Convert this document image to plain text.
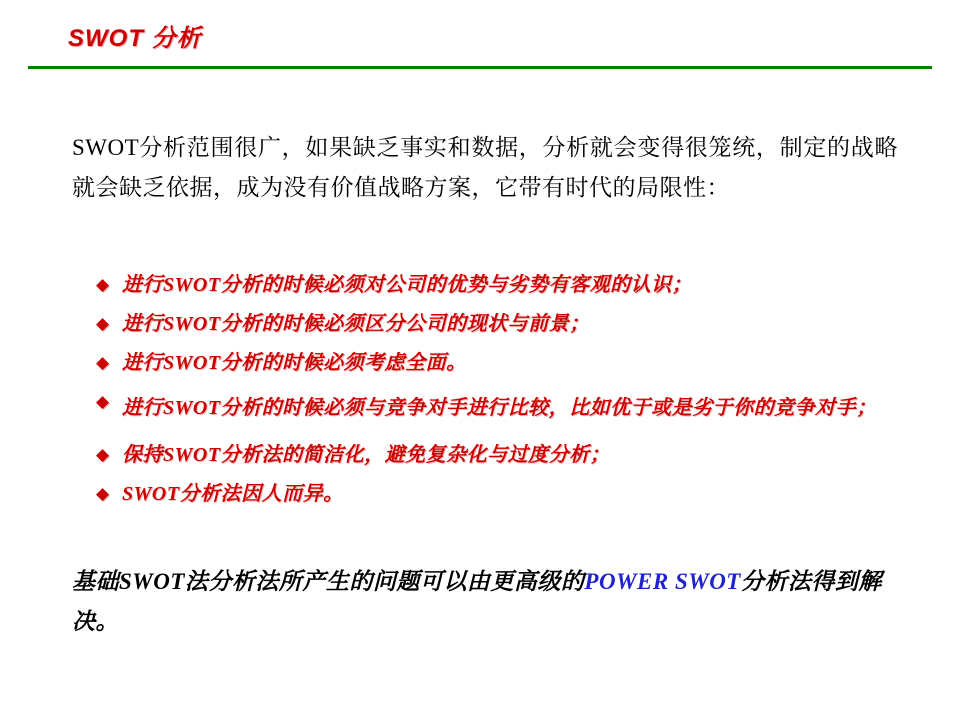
SWOT 分析
SWOT分析范围很广，如果缺乏事实和数据，分析就会变得很笼统，制定的战略就会缺乏依据，成为没有价值战略方案，它带有时代的局限性：
◆ 进行SWOT分析的时候必须对公司的优势与劣势有客观的认识；
◆ 进行SWOT分析的时候必须区分公司的现状与前景；
◆ 进行SWOT分析的时候必须考虑全面。
◆ 进行SWOT分析的时候必须与竞争对手进行比较，比如优于或是劣于你的竞争对手；
◆ 保持SWOT分析法的简洁化，避免复杂化与过度分析；
◆ SWOT分析法因人而异。
基础SWOT法分析法所产生的问题可以由更高级的POWER SWOT分析法得到解决。
